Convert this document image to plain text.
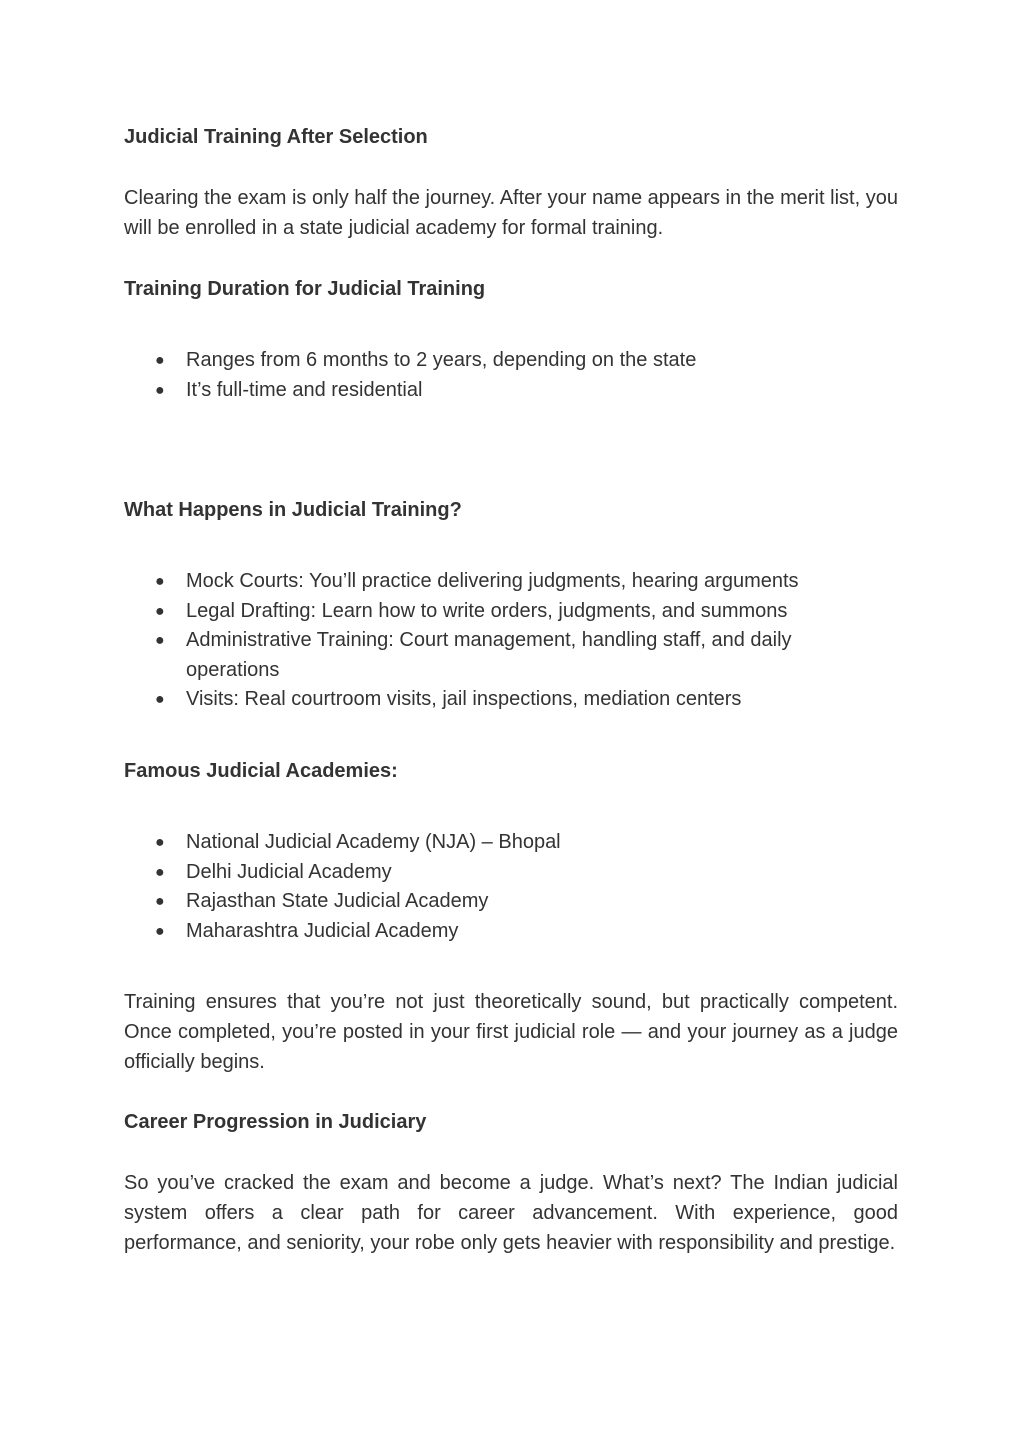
Judicial Training After Selection

Clearing the exam is only half the journey. After your name appears in the merit list, you will be enrolled in a state judicial academy for formal training.

Training Duration for Judicial Training
● Ranges from 6 months to 2 years, depending on the state
● It’s full-time and residential
What Happens in Judicial Training?
● Mock Courts: You’ll practice delivering judgments, hearing arguments
● Legal Drafting: Learn how to write orders, judgments, and summons
● Administrative Training: Court management, handling staff, and daily operations
● Visits: Real courtroom visits, jail inspections, mediation centers
Famous Judicial Academies:
● National Judicial Academy (NJA) – Bhopal
● Delhi Judicial Academy
● Rajasthan State Judicial Academy
● Maharashtra Judicial Academy

Training ensures that you’re not just theoretically sound, but practically competent. Once completed, you’re posted in your first judicial role — and your journey as a judge officially begins.

Career Progression in Judiciary

So you’ve cracked the exam and become a judge. What’s next? The Indian judicial system offers a clear path for career advancement. With experience, good performance, and seniority, your robe only gets heavier with responsibility and prestige.
